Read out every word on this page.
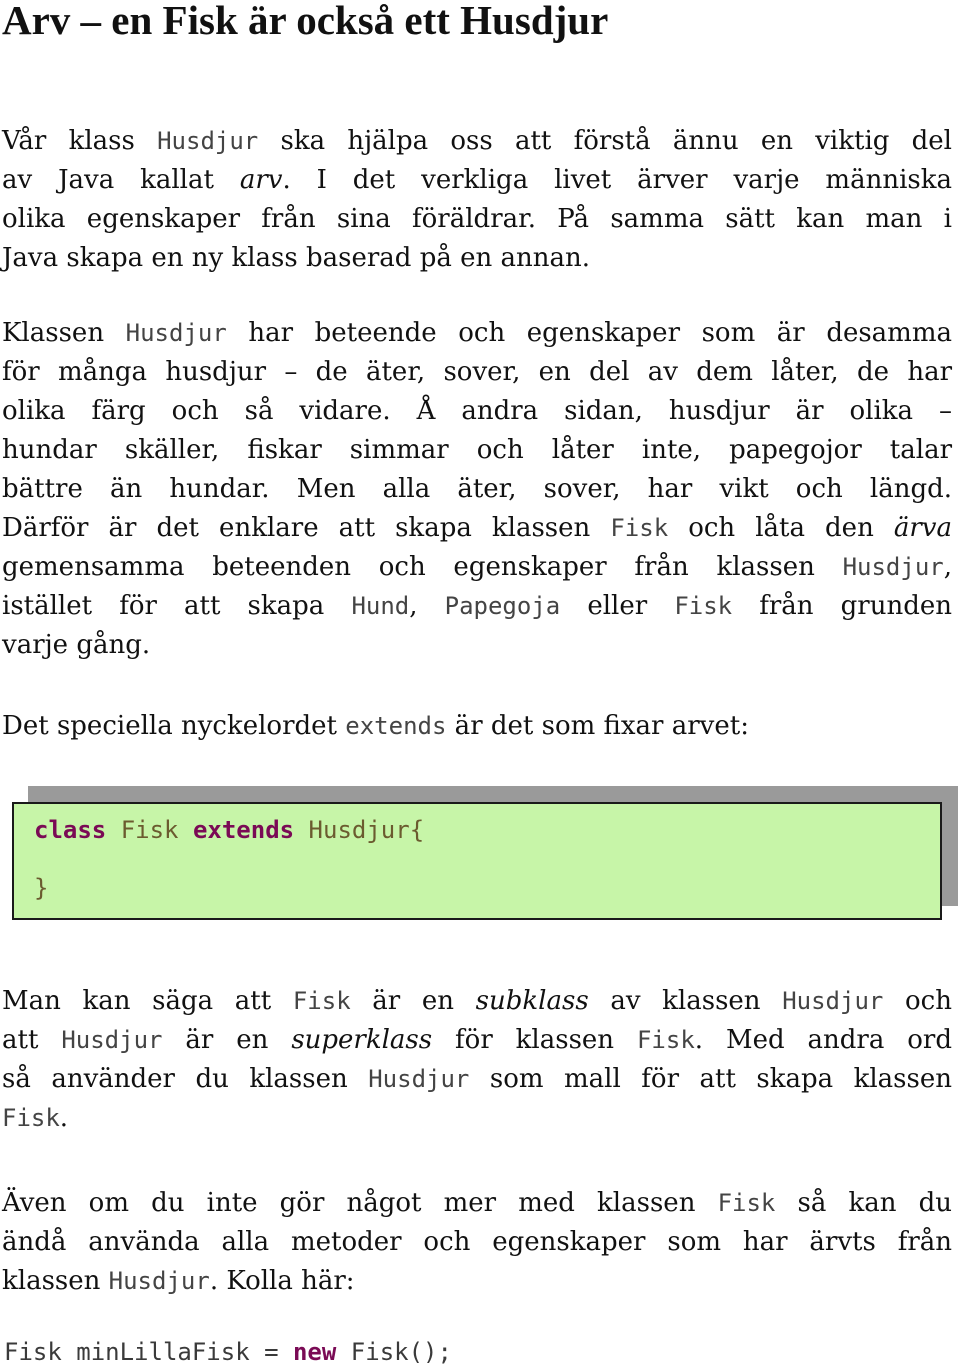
Arv – en Fisk är också ett Husdjur
Vår klass Husdjur ska hjälpa oss att förstå ännu en viktig del
av Java kallat arv. I det verkliga livet ärver varje människa
olika egenskaper från sina föräldrar. På samma sätt kan man i
Java skapa en ny klass baserad på en annan.
Klassen Husdjur har beteende och egenskaper som är desamma
för många husdjur – de äter, sover, en del av dem låter, de har
olika färg och så vidare. Å andra sidan, husdjur är olika –
hundar skäller, fiskar simmar och låter inte, papegojor talar
bättre än hundar. Men alla äter, sover, har vikt och längd.
Därför är det enklare att skapa klassen Fisk och låta den ärva
gemensamma beteenden och egenskaper från klassen Husdjur,
istället för att skapa Hund, Papegoja eller Fisk från grunden
varje gång.
Det speciella nyckelordet extends är det som fixar arvet:
class Fisk extends Husdjur{
}
Man kan säga att Fisk är en subklass av klassen Husdjur och
att Husdjur är en superklass för klassen Fisk. Med andra ord
så använder du klassen Husdjur som mall för att skapa klassen
Fisk.
Även om du inte gör något mer med klassen Fisk så kan du
ändå använda alla metoder och egenskaper som har ärvts från
klassen Husdjur. Kolla här:
Fisk minLillaFisk = new Fisk();
